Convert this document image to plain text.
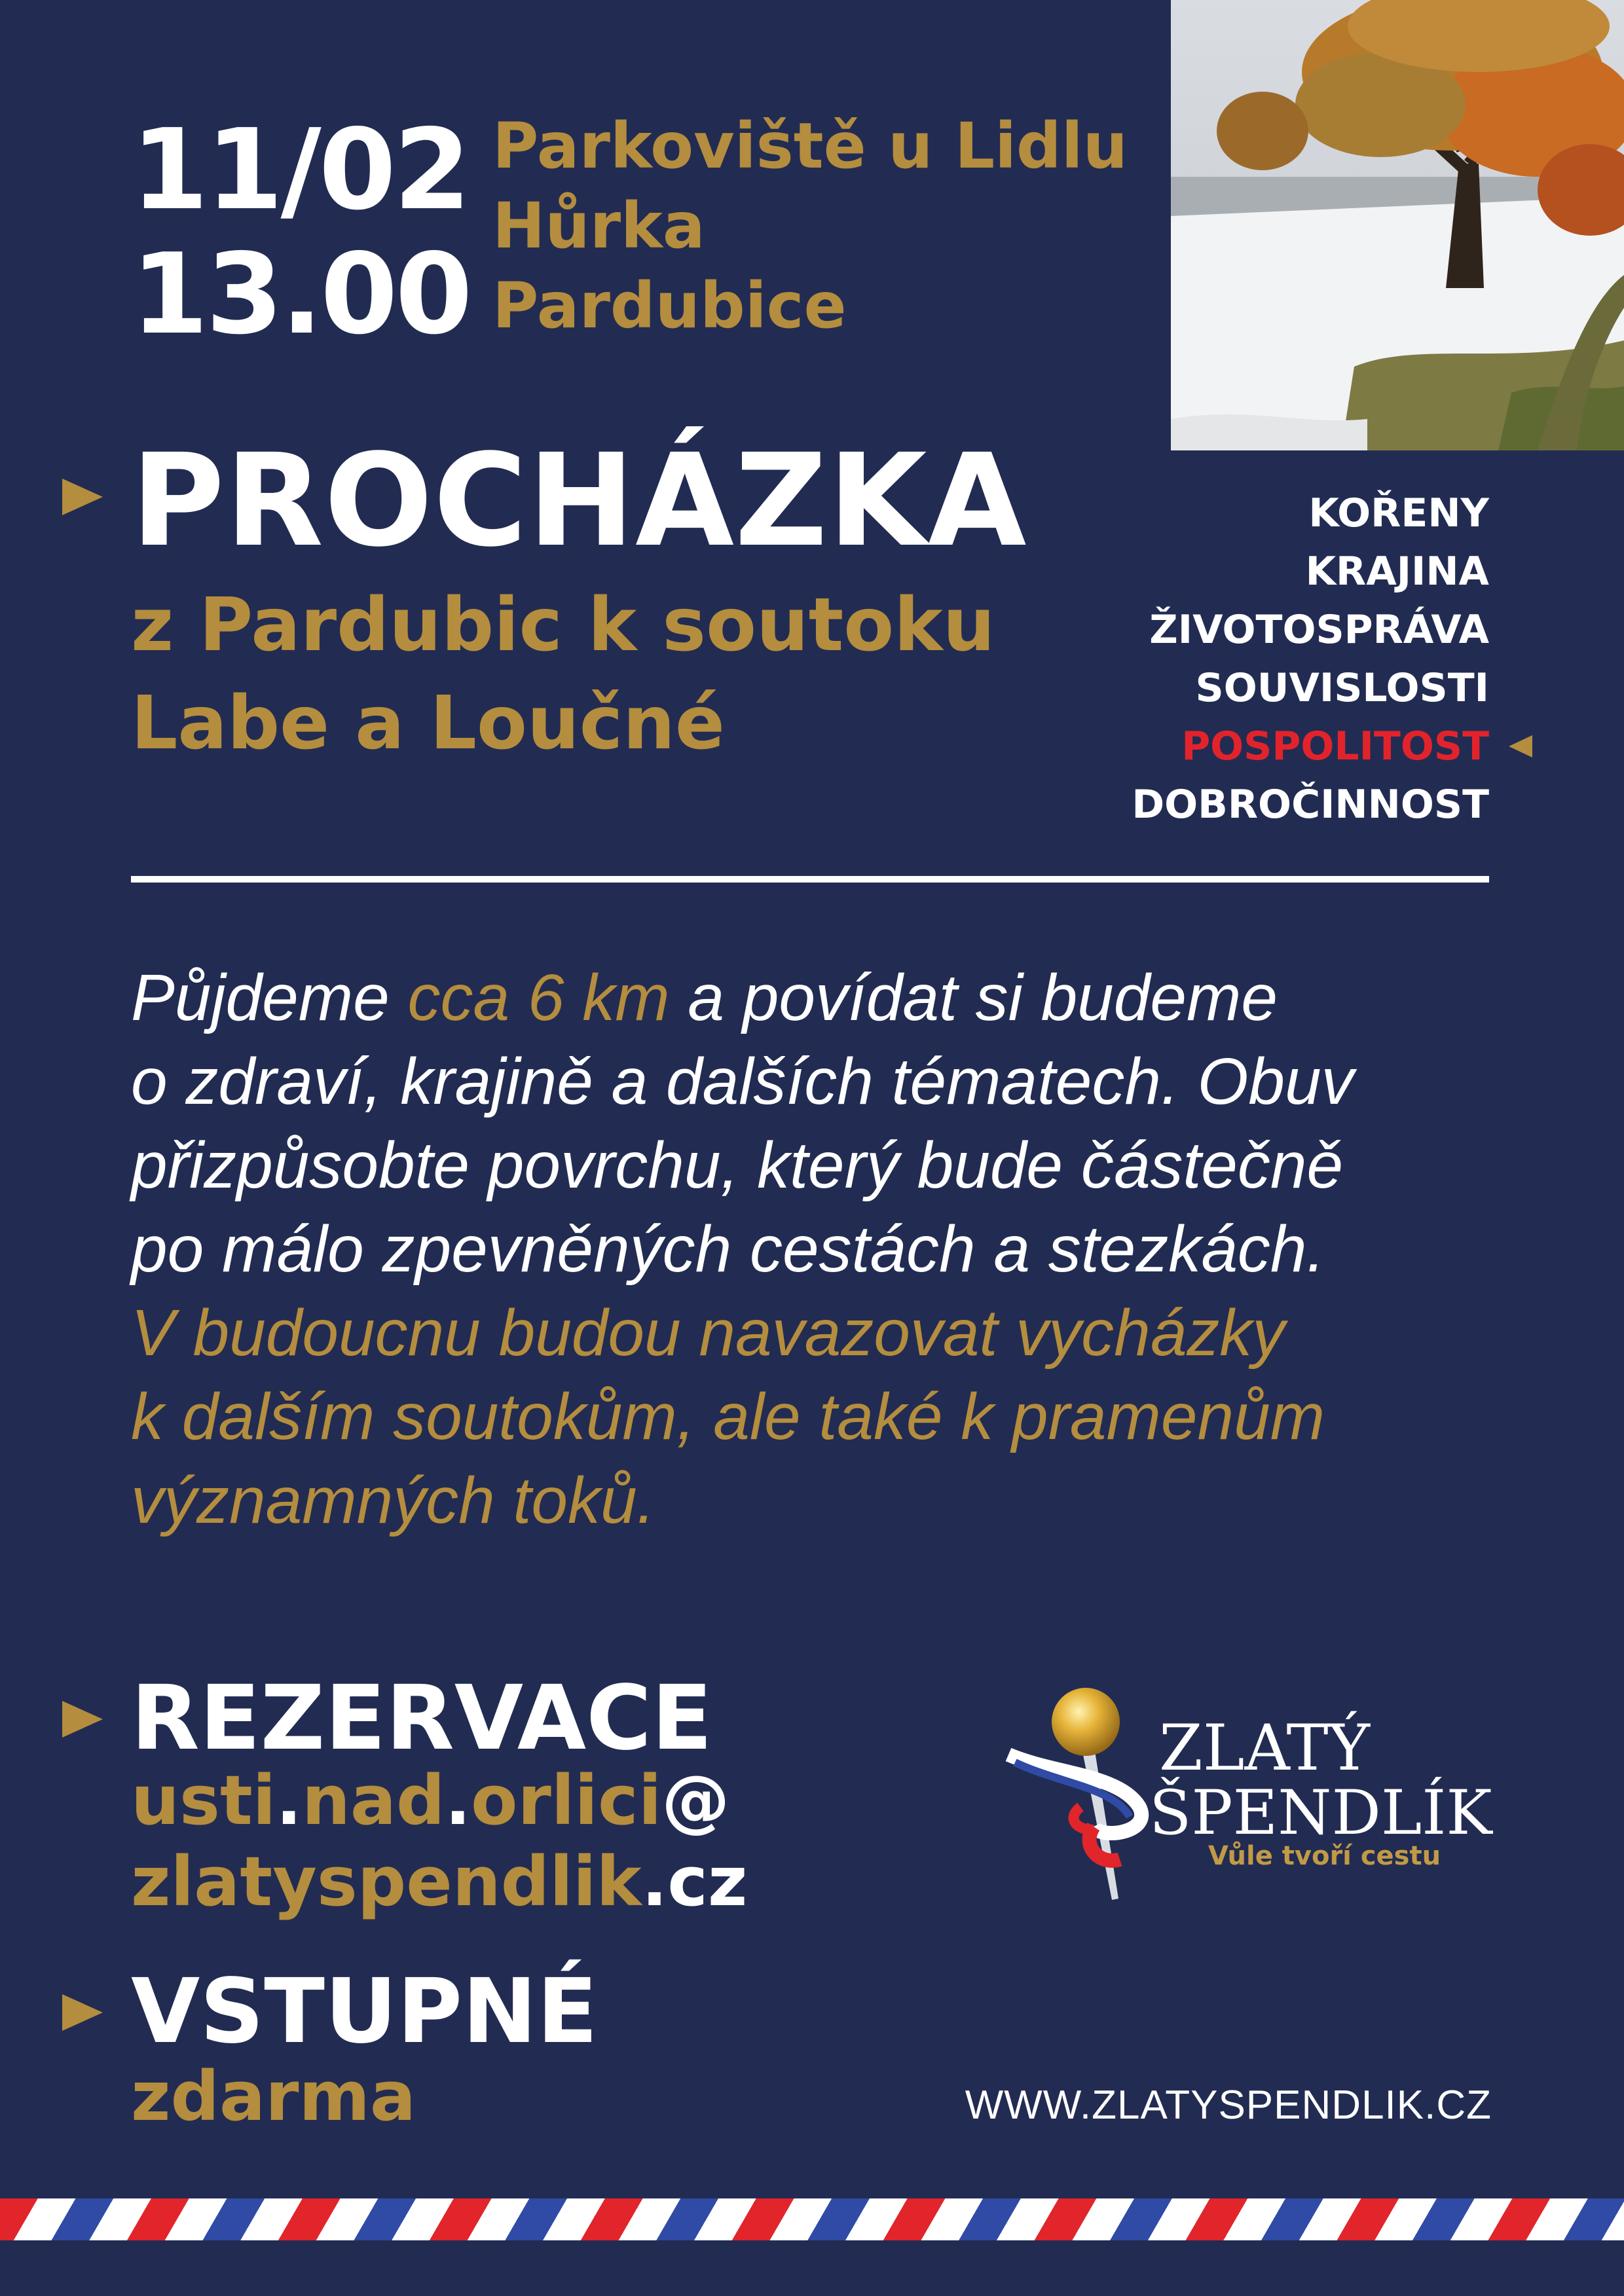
11/02
13.00
Parkoviště u Lidlu
Hůrka
Pardubice
PROCHÁZKA
z Pardubic k soutoku
Labe a Loučné
KOŘENY
KRAJINA
ŽIVOTOSPRÁVA
SOUVISLOSTI
POSPOLITOST
DOBROČINNOST
Půjdeme cca 6 km a povídat si budeme
o zdraví, krajině a dalších tématech. Obuv
přizpůsobte povrchu, který bude částečně
po málo zpevněných cestách a stezkách.
V budoucnu budou navazovat vycházky
k dalším soutokům, ale také k pramenům
významných toků.
REZERVACE
usti.nad.orlici@
zlatyspendlik.cz
VSTUPNÉ
zdarma
ZLATÝ
ŠPENDLÍK
Vůle tvoří cestu
WWW.ZLATYSPENDLIK.CZ
